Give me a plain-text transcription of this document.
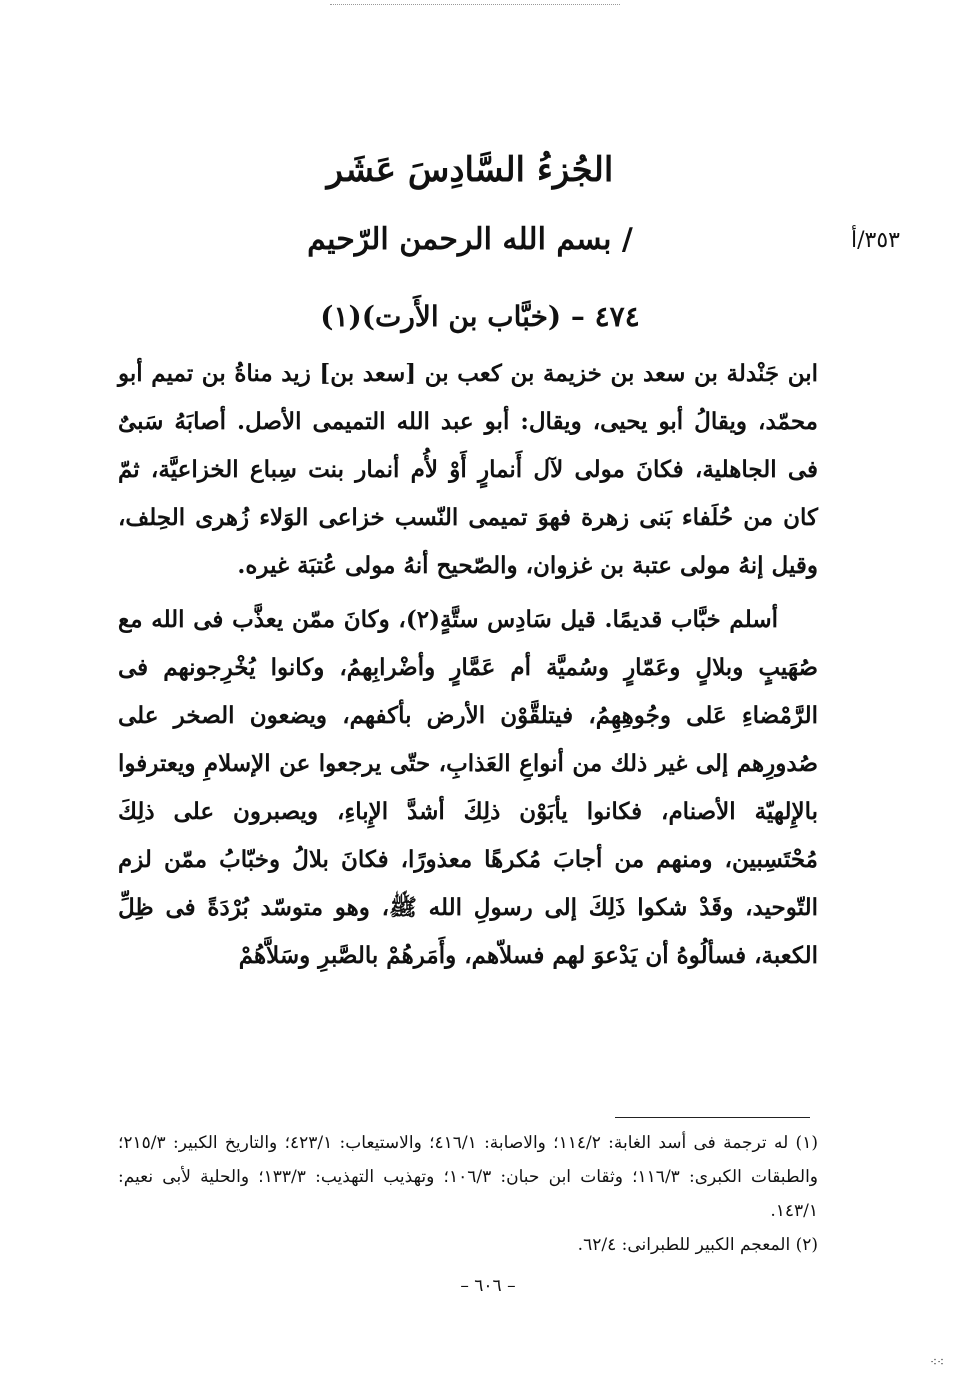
الجُزءُ السَّادِسَ عَشَر
/ بسم الله الرحمن الرّحيم	٣٥٣/أ
٤٧٤ – (خبَّاب بن الأَرت)(١)

ابن جَنْدلة بن سعد بن خزيمة بن كعب بن [سعد بن] زيد مناةُ بن تميم أبو محمّد، ويقالُ أبو يحيى، ويقال: أبو عبد الله التميمى الأصل. أصابَهُ سَبىٌ فى الجاهلية، فكانَ مولى لآل أَنمارٍ أَوْ لأُم أنمار بنت سِباع الخزاعيَّة، ثمّ كان من حُلَفاء بَنى زهرة فهوَ تميمى النّسب خزاعى الوَلاء زُهرى الحِلف، وقيل إنهُ مولى عتبة بن غزوان، والصّحيح أنهُ مولى عُتبَة غيره.

أسلم خبَّاب قديمًا. قيل سَادِس ستَّةٍ(٢)، وكانَ ممّن يعذَّب فى الله مع صُهَيبٍ وبلالٍ وعَمّارٍ وسُميَّة أم عَمَّارٍ وأضْرابِهمُ، وكانوا يُخْرِجونهم فى الرَّمْضاءِ عَلى وجُوهِهِمُ، فيتلقَّوْن الأرض بأكفهم، ويضعون الصخر على صُدورِهم إلى غير ذلك من أنواعِ العَذابِ، حتّى يرجعوا عن الإسلامِ ويعترفوا بالإِلهيّة الأصنام، فكانوا يأبَوْن ذلِكَ أشدَّ الإِباءِ، ويصبرون على ذلِكَ مُحْتَسِبين، ومنهم من أجابَ مُكرهًا معذورًا، فكانَ بلالُ وخبّابُ ممّن لزم التّوحيد، وقَدْ شكوا ذَلِكَ إلى رسولِ الله ﷺ، وهو متوسّد بُرْدَةً فى ظِلِّ الكعبة، فسألُوهُ أن يَدْعوَ لهم فسلاّهم، وأَمَرهُمْ بالصَّبرِ وسَلاَّهُمْ

(١) له ترجمة فى أسد الغابة: ١١٤/٢؛ والاصابة: ٤١٦/١؛ والاستيعاب: ٤٢٣/١؛ والتاريخ الكبير: ٢١٥/٣؛ والطبقات الكبرى: ١١٦/٣؛ وثقات ابن حبان: ١٠٦/٣؛ وتهذيب التهذيب: ١٣٣/٣؛ والحلية لأبى نعيم: ١٤٣/١.

(٢) المعجم الكبير للطبرانى: ٦٢/٤.

– ٦٠٦ –
⁖⁖
